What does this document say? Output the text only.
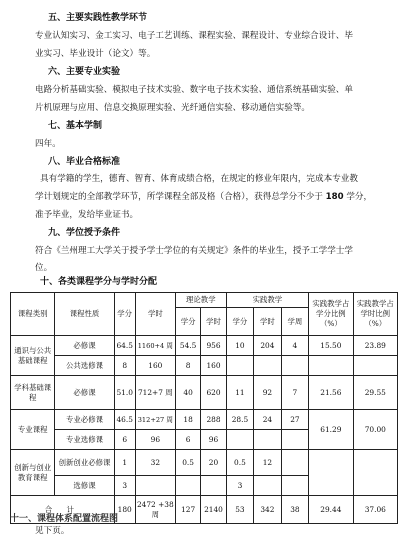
五、主要实践性教学环节
专业认知实习、金工实习、电子工艺训练、课程实验、课程设计、专业综合设计、毕
业实习、毕业设计（论文）等。
六、主要专业实验
电路分析基础实验、模拟电子技术实验、数字电子技术实验、通信系统基础实验、单
片机原理与应用、信息交换原理实验、光纤通信实验、移动通信实验等。
七、基本学制
四年。
八、毕业合格标准
具有学籍的学生，德育、智育、体育成绩合格，在规定的修业年限内，完成本专业教
学计划规定的全部教学环节，所学课程全部及格（合格），获得总学分不少于 180 学分，
准予毕业，发给毕业证书。
九、学位授予条件
符合《兰州理工大学关于授予学士学位的有关规定》条件的毕业生，授予工学学士学
位。
十、各类课程学分与学时分配
课程类别	课程性质	学分	学时	理论教学		实践教学			实践教学占学分比例（%）	实践教学占学时比例（%）
				学分	学时	学分	学时	学周		
通识与公共基础课程	必修课	64.5	1160+4 周	54.5	956	10	204	4	15.50	23.89
	公共选修课	8	160	8	160					
学科基础课程	必修课	51.0	712+7 周	40	620	11	92	7	21.56	29.55
专业课程	专业必修课	46.5	312+27 周	18	288	28.5	24	27	61.29	70.00
	专业选修课	6	96	6	96					
创新与创业教育课程	创新创业必修课	1	32	0.5	20	0.5	12			
	选修课	3				3				
合 计		180	2472 +38 周	127	2140	53	342	38	29.44	37.06
十一、课程体系配置流程图
见下页。
